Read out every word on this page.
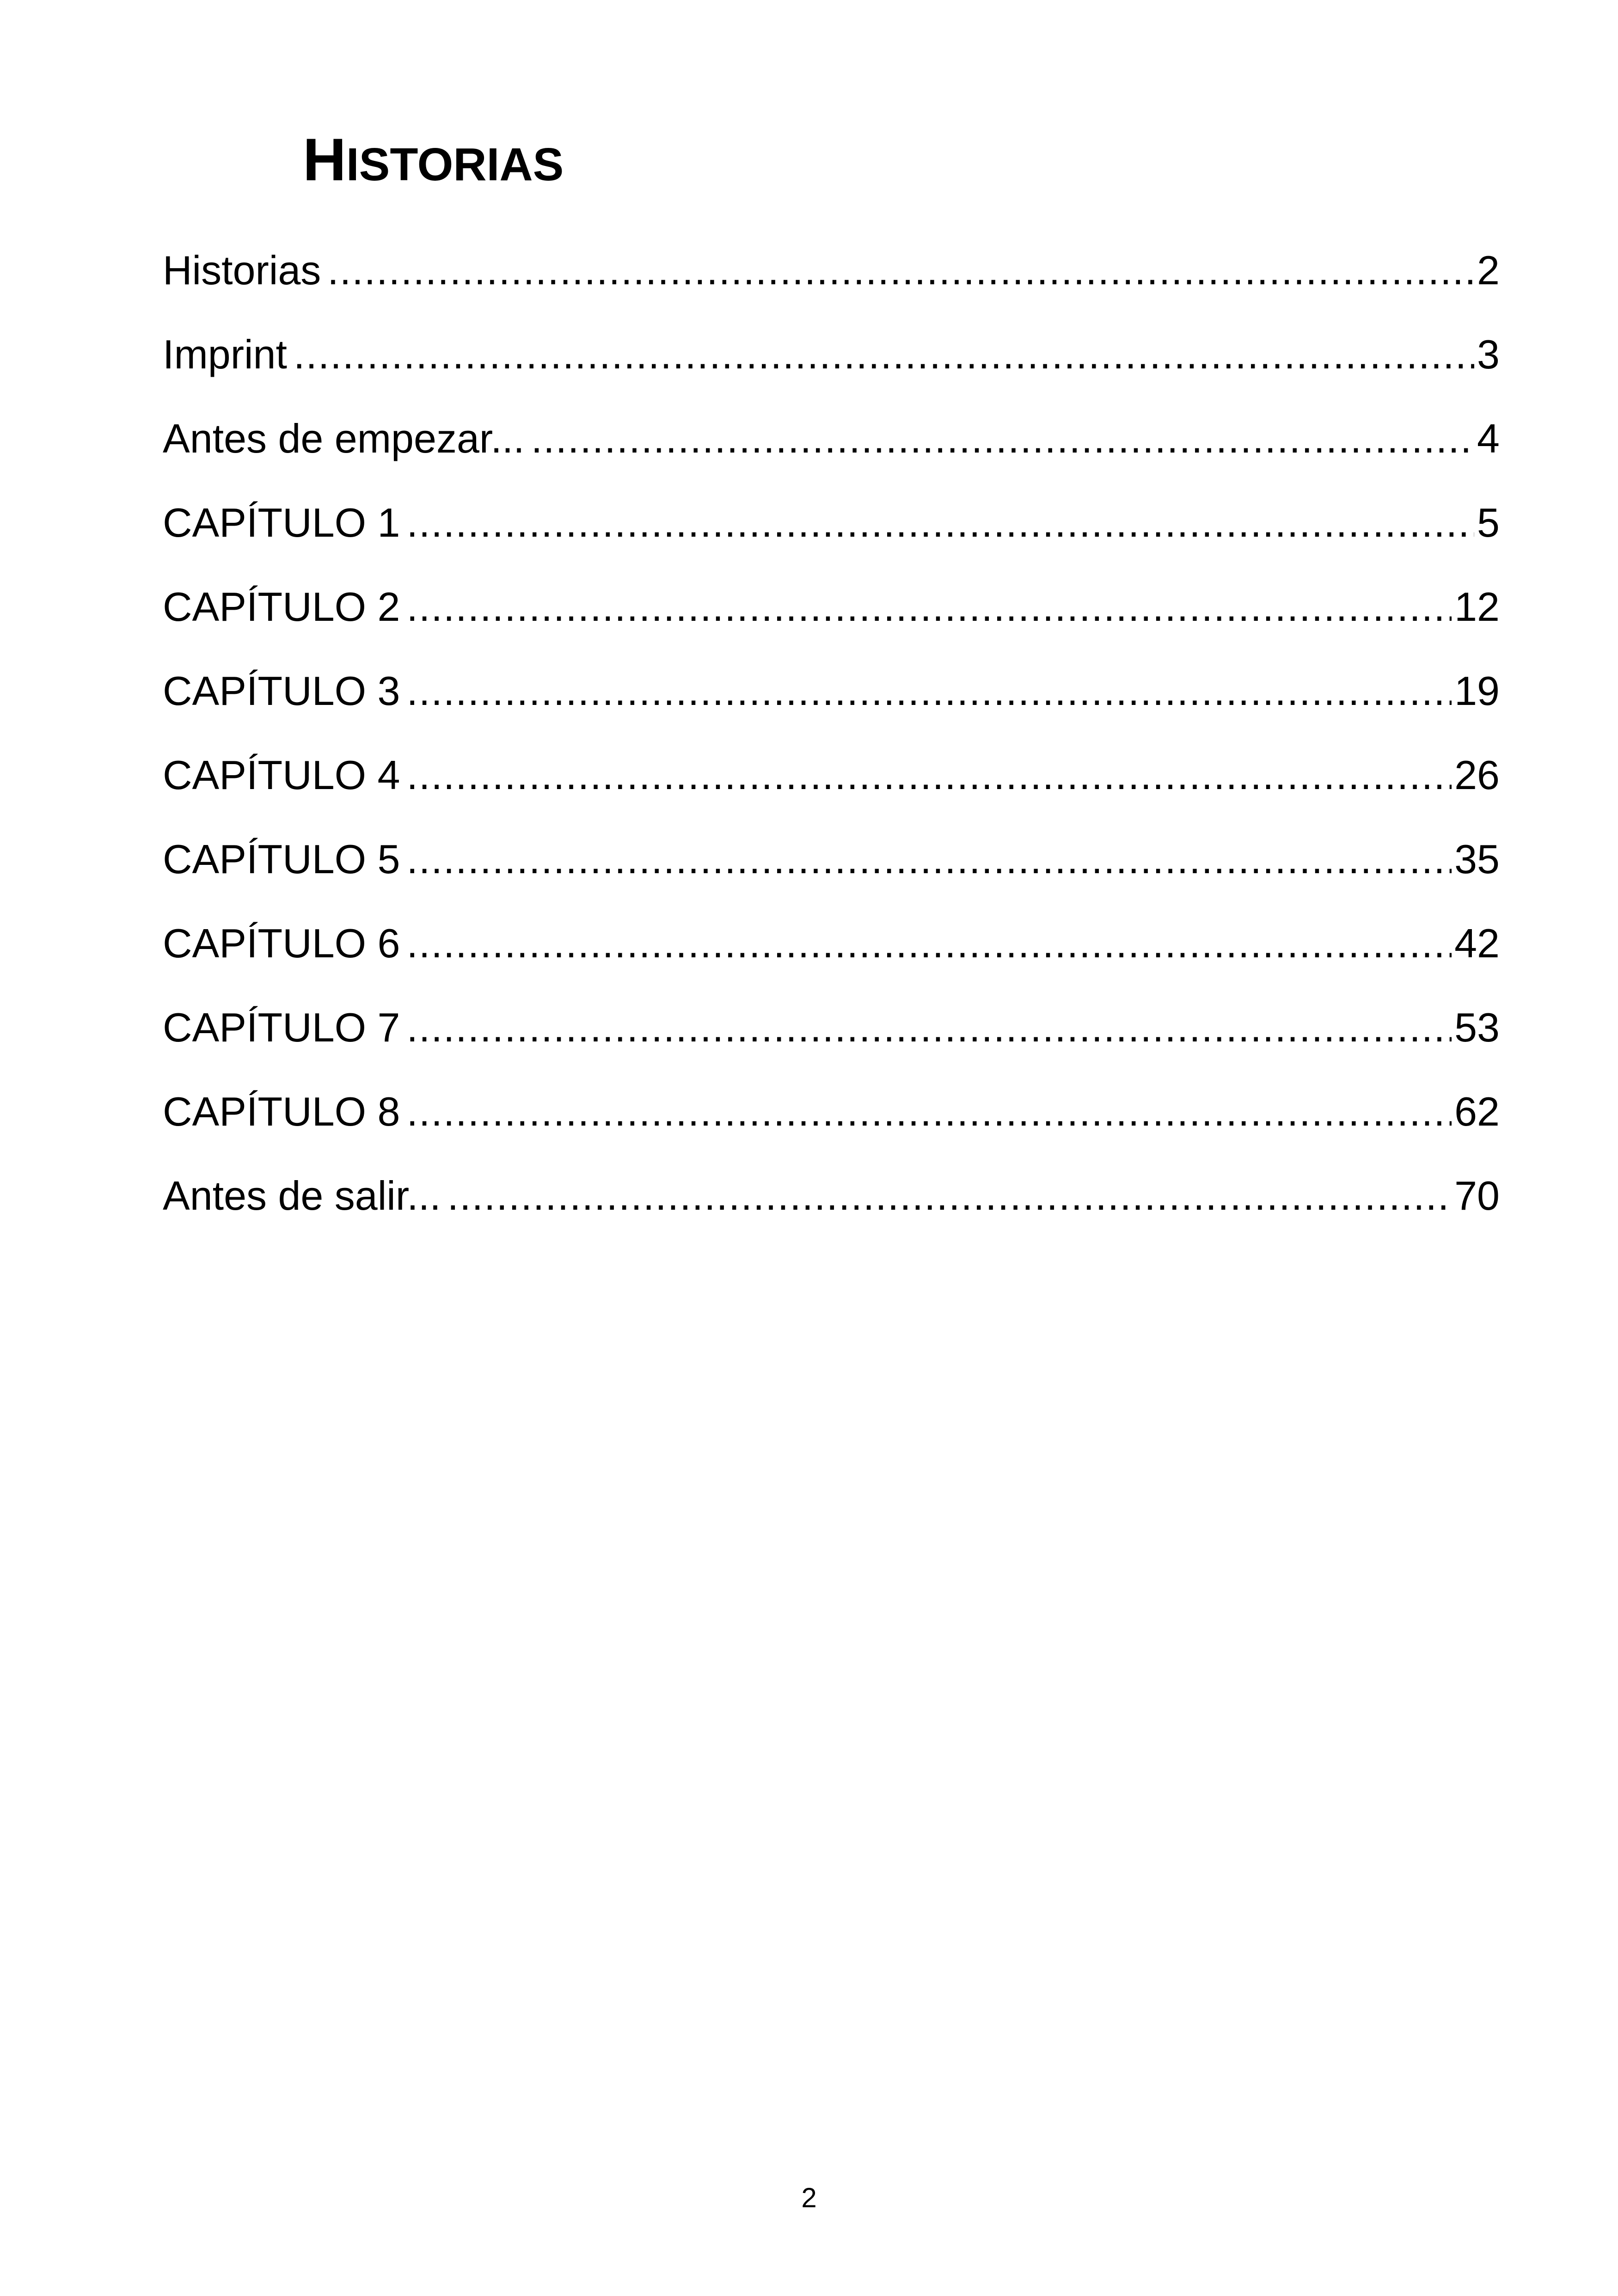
HISTORIAS
Historias .....	2
Imprint .....	3
Antes de empezar... .....	4
CAPÍTULO 1 .....	5
CAPÍTULO 2 .....	12
CAPÍTULO 3 .....	19
CAPÍTULO 4 .....	26
CAPÍTULO 5 .....	35
CAPÍTULO 6 .....	42
CAPÍTULO 7 .....	53
CAPÍTULO 8 .....	62
Antes de salir... .....	70
2
